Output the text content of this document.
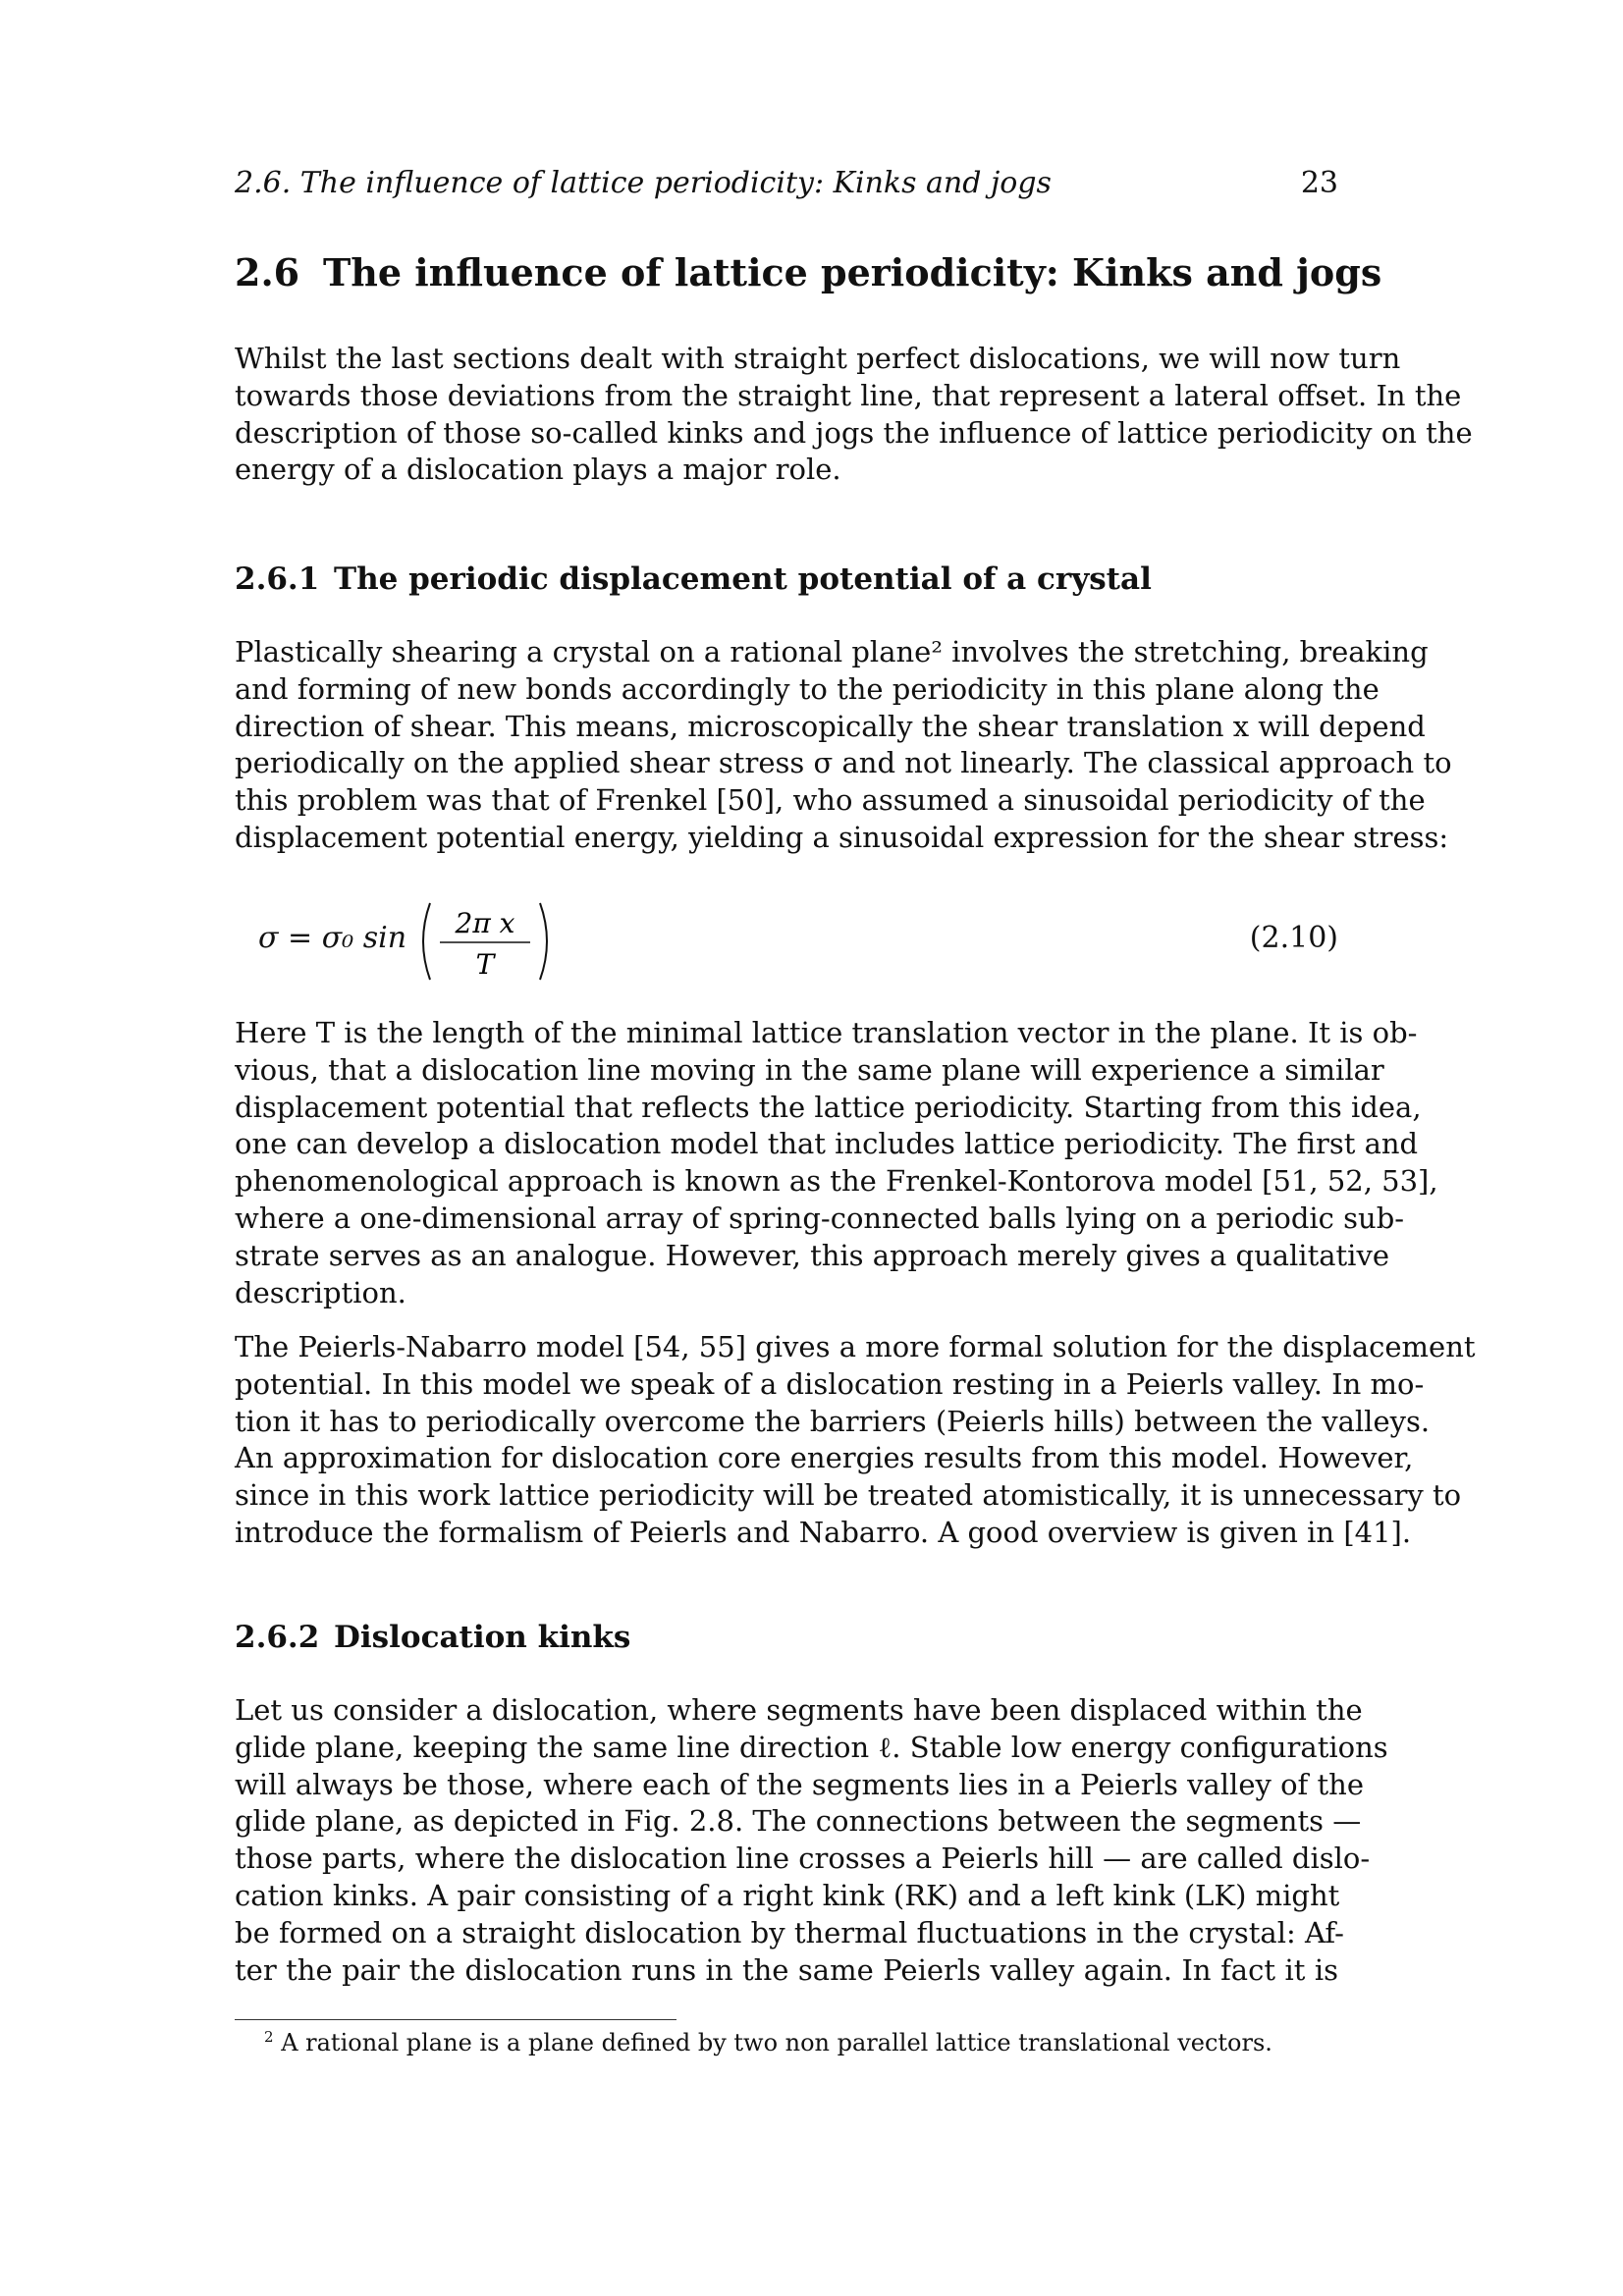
2.6. The influence of lattice periodicity: Kinks and jogs	23
2.6 The influence of lattice periodicity: Kinks and jogs
Whilst the last sections dealt with straight perfect dislocations, we will now turn
towards those deviations from the straight line, that represent a lateral offset. In the
description of those so-called kinks and jogs the influence of lattice periodicity on the
energy of a dislocation plays a major role.
2.6.1 The periodic displacement potential of a crystal
Plastically shearing a crystal on a rational plane² involves the stretching, breaking
and forming of new bonds accordingly to the periodicity in this plane along the
direction of shear. This means, microscopically the shear translation x will depend
periodically on the applied shear stress σ and not linearly. The classical approach to
this problem was that of Frenkel [50], who assumed a sinusoidal periodicity of the
displacement potential energy, yielding a sinusoidal expression for the shear stress:
σ = σ₀ sin 2π x
T
(2.10)
Here T is the length of the minimal lattice translation vector in the plane. It is ob-
vious, that a dislocation line moving in the same plane will experience a similar
displacement potential that reflects the lattice periodicity. Starting from this idea,
one can develop a dislocation model that includes lattice periodicity. The first and
phenomenological approach is known as the Frenkel-Kontorova model [51, 52, 53],
where a one-dimensional array of spring-connected balls lying on a periodic sub-
strate serves as an analogue. However, this approach merely gives a qualitative
description.
The Peierls-Nabarro model [54, 55] gives a more formal solution for the displacement
potential. In this model we speak of a dislocation resting in a Peierls valley. In mo-
tion it has to periodically overcome the barriers (Peierls hills) between the valleys.
An approximation for dislocation core energies results from this model. However,
since in this work lattice periodicity will be treated atomistically, it is unnecessary to
introduce the formalism of Peierls and Nabarro. A good overview is given in [41].
2.6.2 Dislocation kinks
Let us consider a dislocation, where segments have been displaced within the
glide plane, keeping the same line direction ℓ. Stable low energy configurations
will always be those, where each of the segments lies in a Peierls valley of the
glide plane, as depicted in Fig. 2.8. The connections between the segments —
those parts, where the dislocation line crosses a Peierls hill — are called dislo-
cation kinks. A pair consisting of a right kink (RK) and a left kink (LK) might
be formed on a straight dislocation by thermal fluctuations in the crystal: Af-
ter the pair the dislocation runs in the same Peierls valley again. In fact it is
$^2$ A rational plane is a plane defined by two non parallel lattice translational vectors.
